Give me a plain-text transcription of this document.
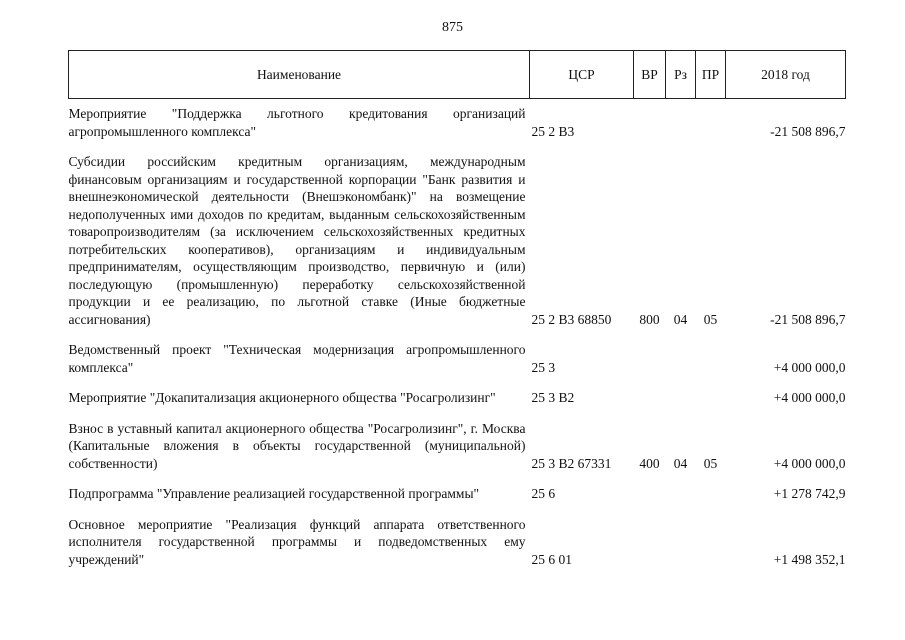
875
Наименование	ЦСР	ВР	Рз	ПР	2018 год

Мероприятие "Поддержка льготного кредитования организаций агропромышленного комплекса"	25 2 В3				-21 508 896,7

Субсидии российским кредитным организациям, международным финансовым организациям и государственной корпорации "Банк развития и внешнеэкономической деятельности (Внешэкономбанк)" на возмещение недополученных ими доходов по кредитам, выданным сельскохозяйственным товаропроизводителям (за исключением сельскохозяйственных кредитных потребительских кооперативов), организациям и индивидуальным предпринимателям, осуществляющим производство, первичную и (или) последующую (промышленную) переработку сельскохозяйственной продукции и ее реализацию, по льготной ставке (Иные бюджетные ассигнования)	25 2 В3 68850	800	04	05	-21 508 896,7

Ведомственный проект "Техническая модернизация агропромышленного комплекса"	25 3				+4 000 000,0

Мероприятие "Докапитализация акционерного общества "Росагролизинг"	25 3 В2				+4 000 000,0

Взнос в уставный капитал акционерного общества "Росагролизинг", г. Москва (Капитальные вложения в объекты государственной (муниципальной) собственности)	25 3 В2 67331	400	04	05	+4 000 000,0

Подпрограмма "Управление реализацией государственной программы"	25 6				+1 278 742,9

Основное мероприятие "Реализация функций аппарата ответственного исполнителя государственной программы и подведомственных ему учреждений"	25 6 01				+1 498 352,1
